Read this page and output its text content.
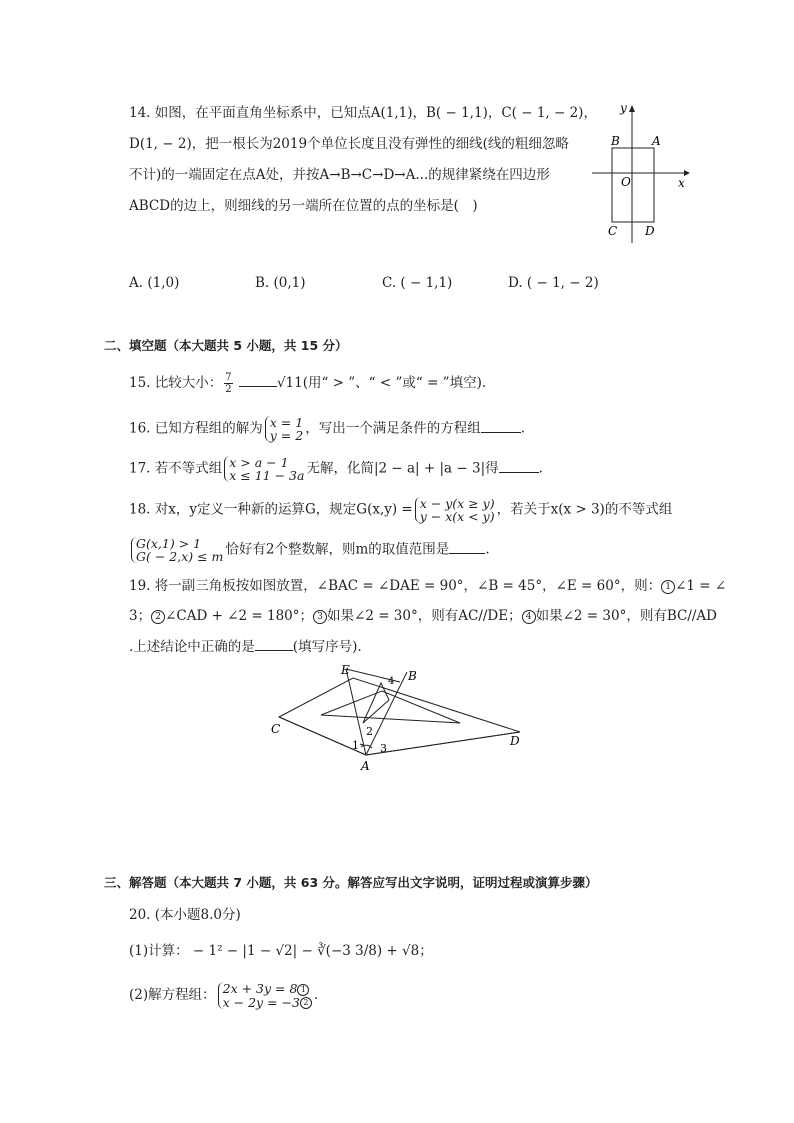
14. 如图，在平面直角坐标系中，已知点A(1,1)，B( − 1,1)，C( − 1, − 2)，
D(1, − 2)，把一根长为2019个单位长度且没有弹性的细线(线的粗细忽略
不计)的一端固定在点A处，并按A→B→C→D→A...的规律紧绕在四边形
ABCD的边上，则细线的另一端所在位置的点的坐标是(　)
y
x
O
B	A
C D
A. (1,0)	B. (0,1)	C. ( − 1,1)	D. ( − 1, − 2)
二、填空题（本大题共 5 小题，共 15 分）
15. 比较大小： $\frac{7}{2}$	√11(用“ > ”、“ < ”或“ = ”填空).
16. 已知方程组的解为 x = 1
y = 2 ，写出一个满足条件的方程组	.
17. 若不等式组 x > a − 1
x ≤ 11 − 3a 无解，化简|2 − a| + |a − 3|得	.
18. 对x，y定义一种新的运算G，规定G(x,y) = x − y(x ≥ y)
y − x(x < y) ，若关于x(x > 3)的不等式组
G(x,1) > 1
G( − 2,x) ≤ m 恰好有2个整数解，则m的取值范围是	.
19. 将一副三角板按如图放置，∠BAC = ∠DAE = 90°，∠B = 45°，∠E = 60°，则： 1 ∠1 = ∠
3； 2 ∠CAD + ∠2 = 180°； 3 如果∠2 = 30°，则有AC//DE； 4 如果∠2 = 30°，则有BC//AD
.上述结论中正确的是	(填写序号).
E	B
C
D
A
1
2
3
4
三、解答题（本大题共 7 小题，共 63 分。解答应写出文字说明，证明过程或演算步骤）
20. (本小题8.0分)
(1)计算： − 1² − |1 − √2| − ∛(−3 3/8) + √8；
(2)解方程组： 2x + 3y = 8 1
x − 2y = −3 2 .
